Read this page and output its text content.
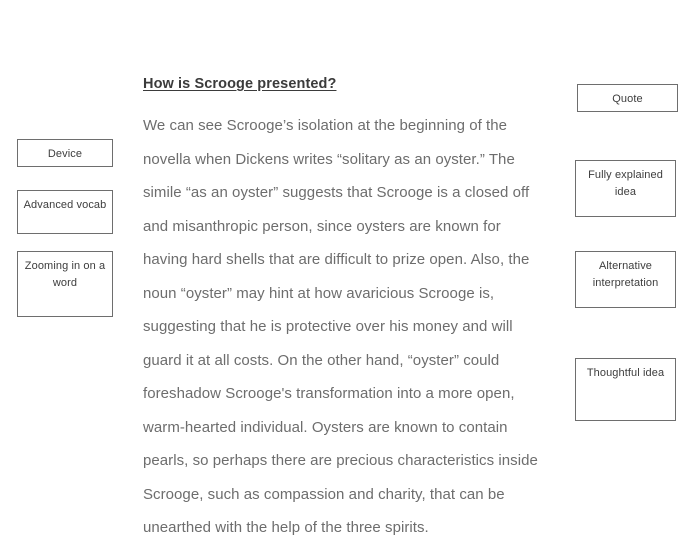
How is Scrooge presented?
We can see Scrooge’s isolation at the beginning of the novella when Dickens writes “solitary as an oyster.” The simile “as an oyster” suggests that Scrooge is a closed off and misanthropic person, since oysters are known for having hard shells that are difficult to prize open. Also, the noun “oyster” may hint at how avaricious Scrooge is, suggesting that he is protective over his money and will guard it at all costs. On the other hand, “oyster” could foreshadow Scrooge's transformation into a more open, warm-hearted individual. Oysters are known to contain pearls, so perhaps there are precious characteristics inside Scrooge, such as compassion and charity, that can be unearthed with the help of the three spirits.
Device
Advanced vocab
Zooming in on a word
Quote
Fully explained idea
Alternative interpretation
Thoughtful idea
